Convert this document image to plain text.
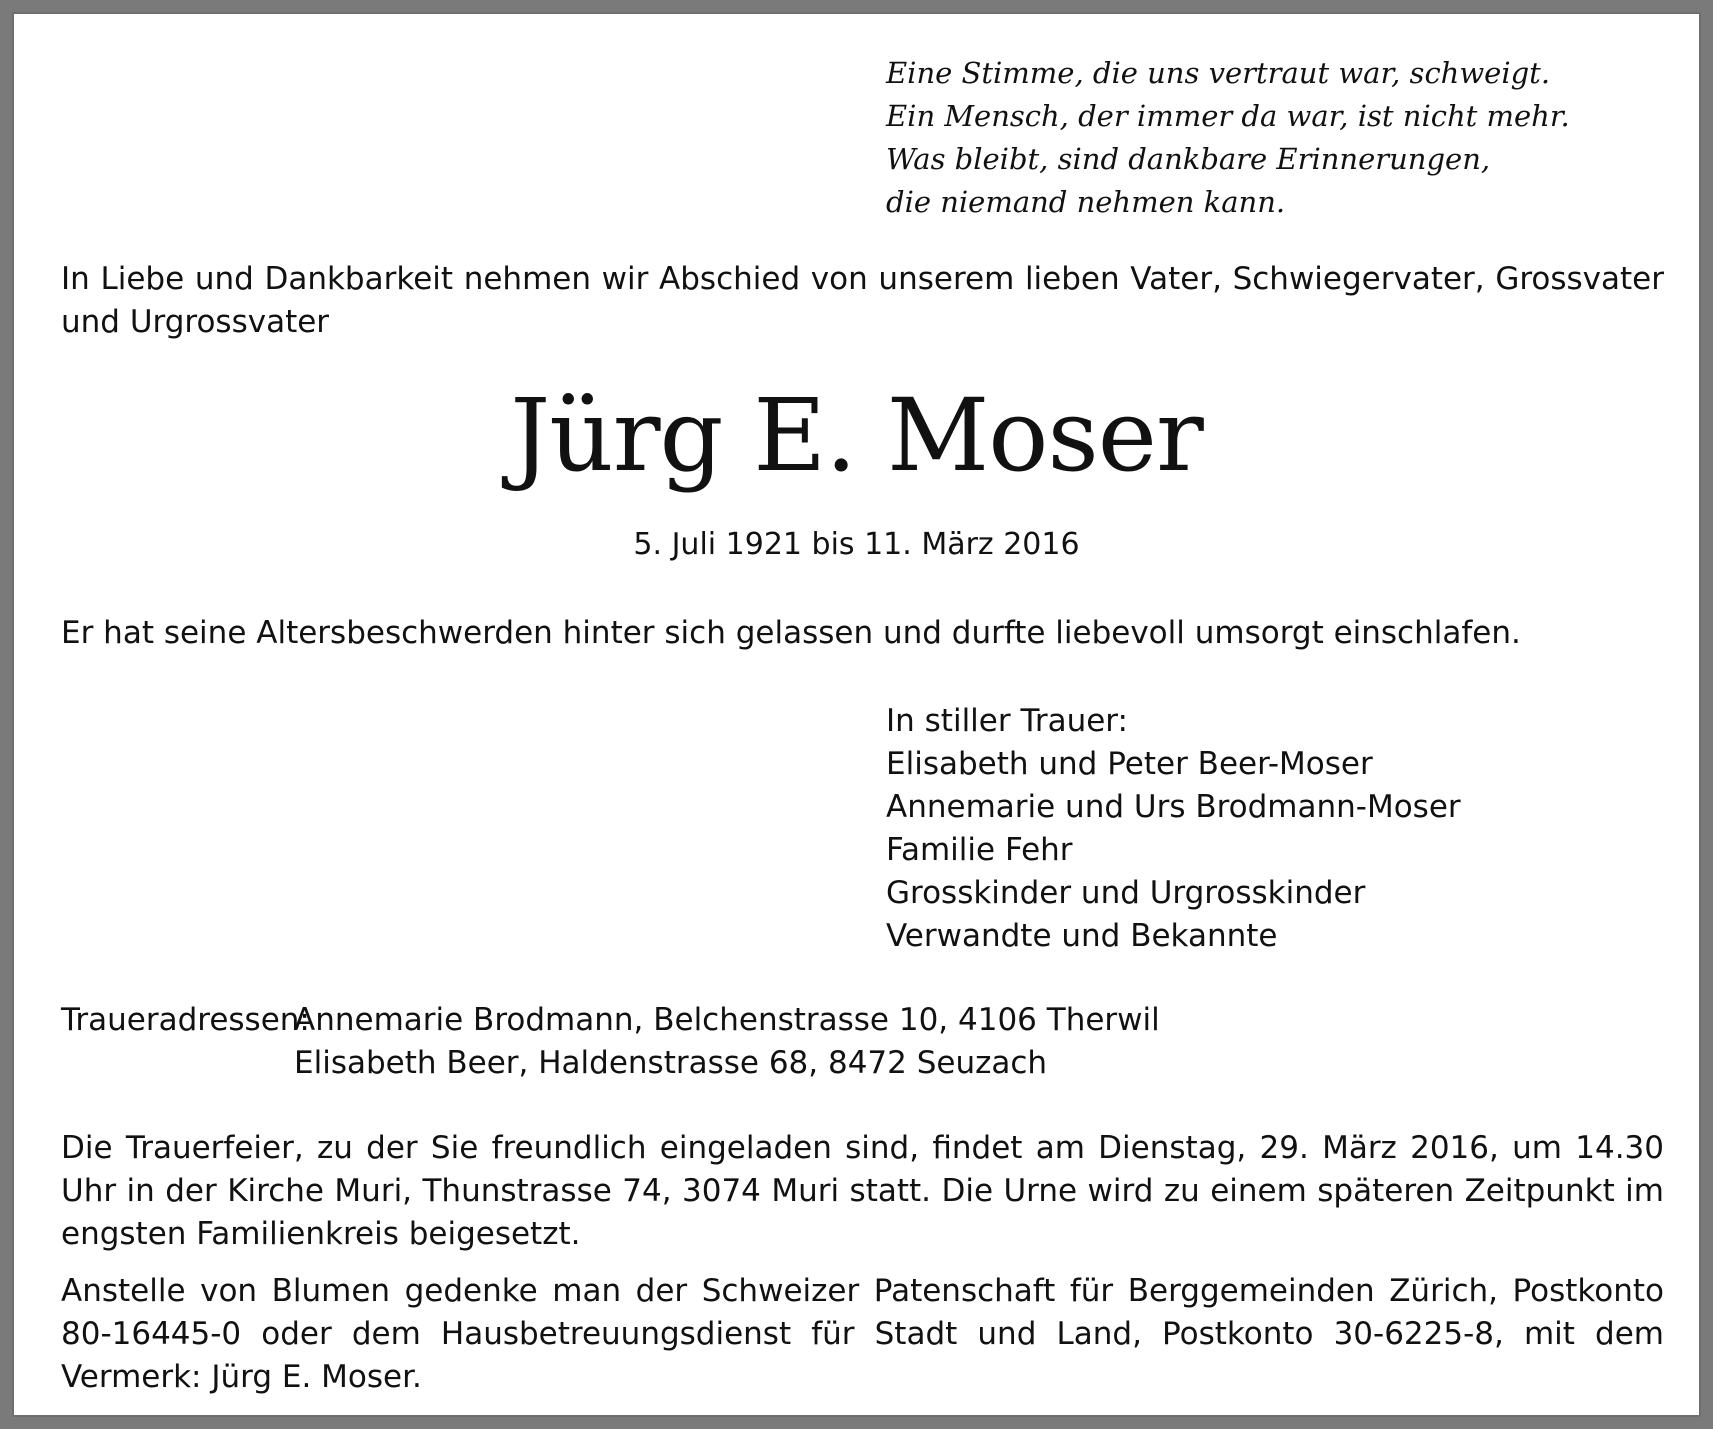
Eine Stimme, die uns vertraut war, schweigt.
Ein Mensch, der immer da war, ist nicht mehr.
Was bleibt, sind dankbare Erinnerungen,
die niemand nehmen kann.
In Liebe und Dankbarkeit nehmen wir Abschied von unserem lieben Vater, Schwiegervater, Grossvater und Urgrossvater
Jürg E. Moser
5. Juli 1921 bis 11. März 2016
Er hat seine Altersbeschwerden hinter sich gelassen und durfte liebevoll umsorgt einschlafen.
In stiller Trauer:
Elisabeth und Peter Beer-Moser
Annemarie und Urs Brodmann-Moser
Familie Fehr
Grosskinder und Urgrosskinder
Verwandte und Bekannte
Traueradressen:
Annemarie Brodmann, Belchenstrasse 10, 4106 Therwil
Elisabeth Beer, Haldenstrasse 68, 8472 Seuzach
Die Trauerfeier, zu der Sie freundlich eingeladen sind, findet am Dienstag, 29. März 2016, um 14.30 Uhr in der Kirche Muri, Thunstrasse 74, 3074 Muri statt. Die Urne wird zu einem späteren Zeitpunkt im engsten Familienkreis beigesetzt.
Anstelle von Blumen gedenke man der Schweizer Patenschaft für Berggemeinden Zürich, Postkonto 80-16445-0 oder dem Hausbetreuungsdienst für Stadt und Land, Postkonto 30-6225-8, mit dem Vermerk: Jürg E. Moser.
